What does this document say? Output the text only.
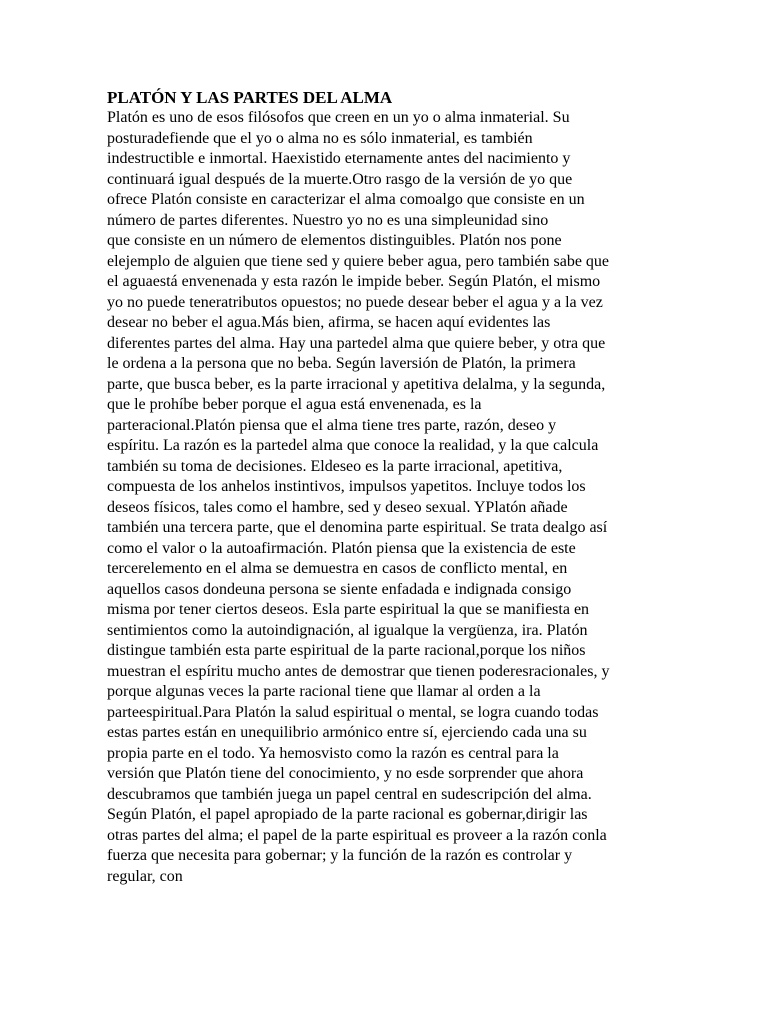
PLATÓN Y LAS PARTES DEL ALMA
Platón es uno de esos filósofos que creen en un yo o alma inmaterial. Su
posturadefiende que el yo o alma no es sólo inmaterial, es también
indestructible e inmortal. Haexistido eternamente antes del nacimiento y
continuará igual después de la muerte.Otro rasgo de la versión de yo que
ofrece Platón consiste en caracterizar el alma comoalgo que consiste en un
número de partes diferentes. Nuestro yo no es una simpleunidad sino
que consiste en un número de elementos distinguibles. Platón nos pone
elejemplo de alguien que tiene sed y quiere beber agua, pero también sabe que
el aguaestá envenenada y esta razón le impide beber. Según Platón, el mismo
yo no puede teneratributos opuestos; no puede desear beber el agua y a la vez
desear no beber el agua.Más bien, afirma, se hacen aquí evidentes las
diferentes partes del alma. Hay una partedel alma que quiere beber, y otra que
le ordena a la persona que no beba. Según laversión de Platón, la primera
parte, que busca beber, es la parte irracional y apetitiva delalma, y la segunda,
que le prohíbe beber porque el agua está envenenada, es la
parteracional.Platón piensa que el alma tiene tres parte, razón, deseo y
espíritu. La razón es la partedel alma que conoce la realidad, y la que calcula
también su toma de decisiones. Eldeseo es la parte irracional, apetitiva,
compuesta de los anhelos instintivos, impulsos yapetitos. Incluye todos los
deseos físicos, tales como el hambre, sed y deseo sexual. YPlatón añade
también una tercera parte, que el denomina parte espiritual. Se trata dealgo así
como el valor o la autoafirmación. Platón piensa que la existencia de este
tercerelemento en el alma se demuestra en casos de conflicto mental, en
aquellos casos dondeuna persona se siente enfadada e indignada consigo
misma por tener ciertos deseos. Esla parte espiritual la que se manifiesta en
sentimientos como la autoindignación, al igualque la vergüenza, ira. Platón
distingue también esta parte espiritual de la parte racional,porque los niños
muestran el espíritu mucho antes de demostrar que tienen poderesracionales, y
porque algunas veces la parte racional tiene que llamar al orden a la
parteespiritual.Para Platón la salud espiritual o mental, se logra cuando todas
estas partes están en unequilibrio armónico entre sí, ejerciendo cada una su
propia parte en el todo. Ya hemosvisto como la razón es central para la
versión que Platón tiene del conocimiento, y no esde sorprender que ahora
descubramos que también juega un papel central en sudescripción del alma.
Según Platón, el papel apropiado de la parte racional es gobernar,dirigir las
otras partes del alma; el papel de la parte espiritual es proveer a la razón conla
fuerza que necesita para gobernar; y la función de la razón es controlar y
regular, con
